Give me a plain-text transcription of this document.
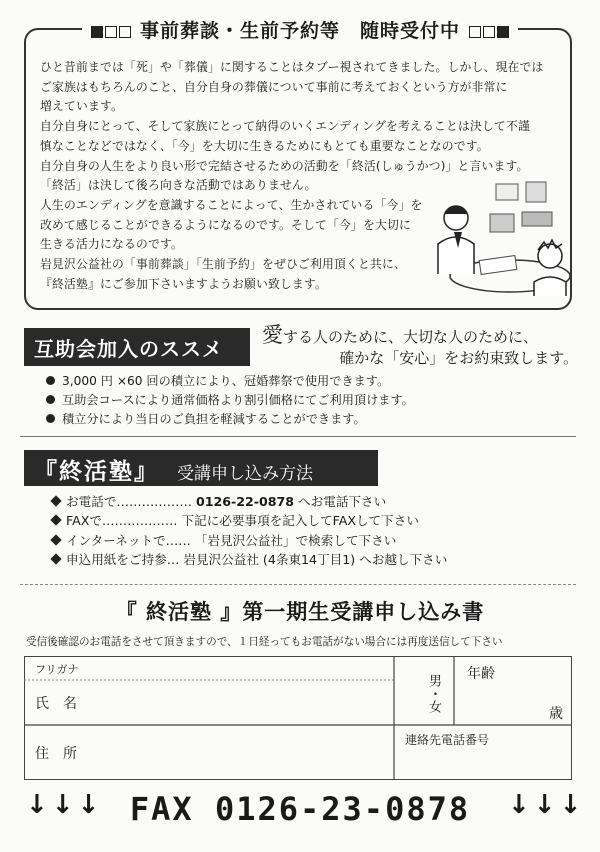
事前葬談・生前予約等　随時受付中

ひと昔前までは「死」や「葬儀」に関することはタブー視されてきました。しかし、現在では

ご家族はもちろんのこと、自分自身の葬儀について事前に考えておくという方が非常に

増えています。

自分自身にとって、そして家族にとって納得のいくエンディングを考えることは決して不謹

慎なことなどではなく、「今」を大切に生きるためにもとても重要なことなのです。

自分自身の人生をより良い形で完結させるための活動を「終活(しゅうかつ)」と言います。

「終活」は決して後ろ向きな活動ではありません。

人生のエンディングを意識することによって、生かされている「今」を

改めて感じることができるようになるのです。そして「今」を大切に

生きる活力になるのです。

岩見沢公益社の「事前葬談」「生前予約」をぜひご利用頂くと共に、

『終活塾』にご参加下さいますようお願い致します。

互助会加入のススメ
愛する人のために、大切な人のために、
確かな「安心」をお約束致します。
3,000 円 ×60 回の積立により、冠婚葬祭で使用できます。
互助会コースにより通常価格より割引価格にてご利用頂けます。
積立分により当日のご負担を軽減することができます。
『終活塾』 受講申し込み方法
お電話で……………… 0126-22-0878 へお電話下さい
FAXで……………… 下記に必要事項を記入してFAXして下さい
インターネットで…… 「岩見沢公益社」で検索して下さい
申込用紙をご持参… 岩見沢公益社 (4条東14丁目1) へお越し下さい
『 終活塾 』第一期生受講申し込み書
受信後確認のお電話をさせて頂きますので、１日経ってもお電話がない場合には再度送信して下さい
フリガナ
氏　名	男・女 年齢
歳
住　所
連絡先電話番号
↓↓↓ FAX 0126-23-0878	↓↓↓
